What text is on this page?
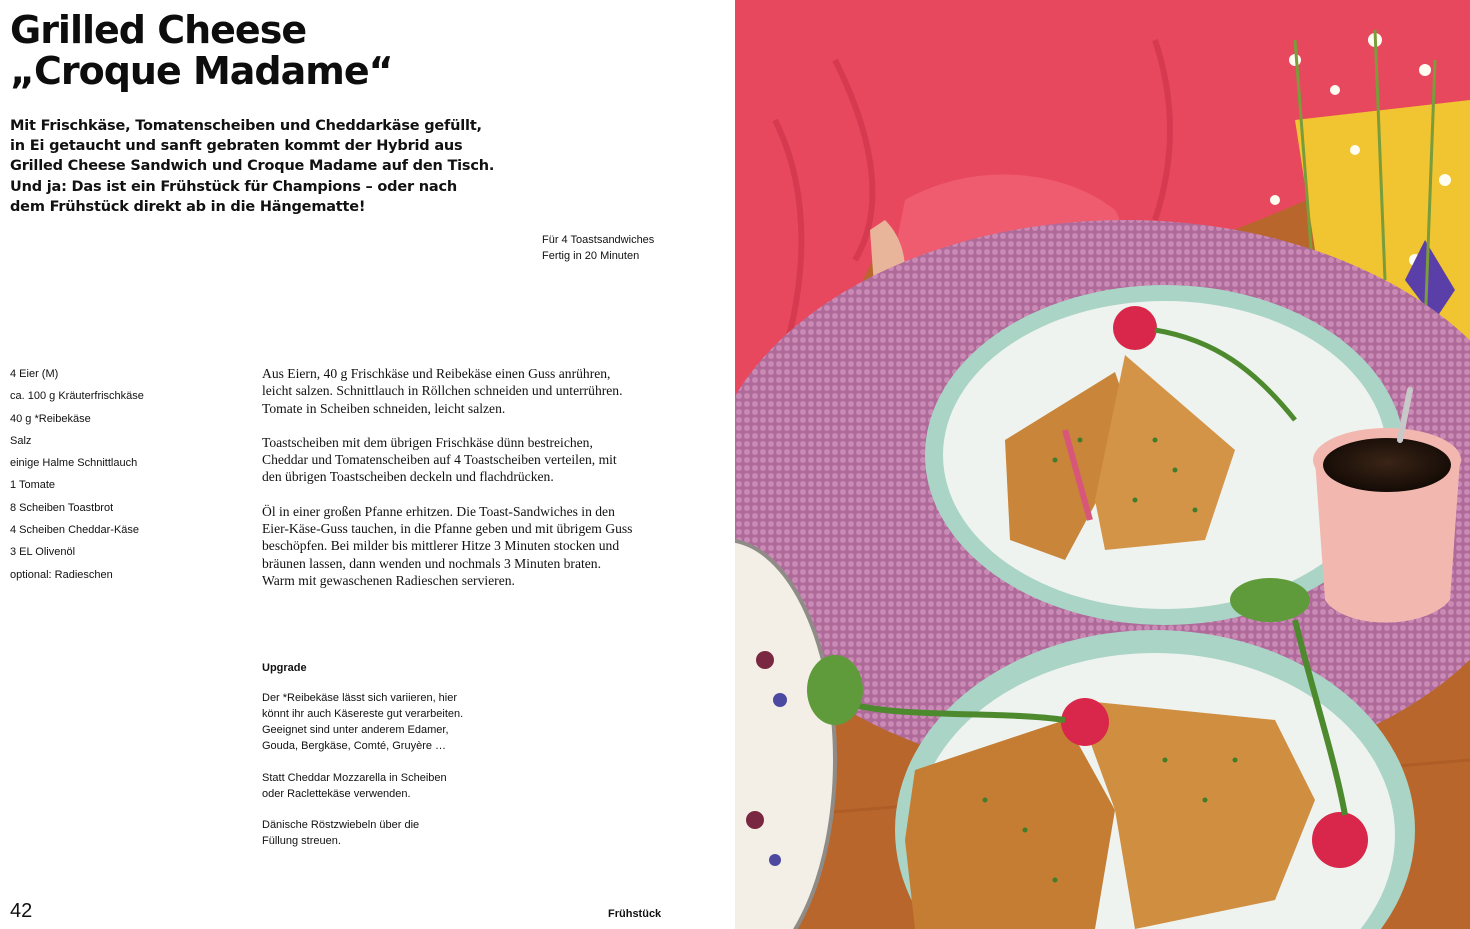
Grilled Cheese
„Croque Madame“
Mit Frischkäse, Tomatenscheiben und Cheddarkäse gefüllt,
in Ei getaucht und sanft gebraten kommt der Hybrid aus
Grilled Cheese Sandwich und Croque Madame auf den Tisch.
Und ja: Das ist ein Frühstück für Champions – oder nach
dem Frühstück direkt ab in die Hängematte!
Für 4 Toastsandwiches
Fertig in 20 Minuten
4 Eier (M)
ca. 100 g Kräuterfrischkäse
40 g *Reibekäse
Salz
einige Halme Schnittlauch
1 Tomate
8 Scheiben Toastbrot
4 Scheiben Cheddar-Käse
3 EL Olivenöl
optional: Radieschen

Aus Eiern, 40 g Frischkäse und Reibekäse einen Guss anrühren,
leicht salzen. Schnittlauch in Röllchen schneiden und unterrühren.
Tomate in Scheiben schneiden, leicht salzen.

Toastscheiben mit dem übrigen Frischkäse dünn bestreichen,
Cheddar und Tomatenscheiben auf 4 Toastscheiben verteilen, mit
den übrigen Toastscheiben deckeln und flachdrücken.

Öl in einer großen Pfanne erhitzen. Die Toast-Sandwiches in den
Eier-Käse-Guss tauchen, in die Pfanne geben und mit übrigem Guss
beschöpfen. Bei milder bis mittlerer Hitze 3 Minuten stocken und
bräunen lassen, dann wenden und nochmals 3 Minuten braten.
Warm mit gewaschenen Radieschen servieren.

Upgrade

Der *Reibekäse lässt sich variieren, hier
könnt ihr auch Käsereste gut verarbeiten.
Geeignet sind unter anderem Edamer,
Gouda, Bergkäse, Comté, Gruyère …

Statt Cheddar Mozzarella in Scheiben
oder Raclettekäse verwenden.

Dänische Röstzwiebeln über die
Füllung streuen.

42	Frühstück
